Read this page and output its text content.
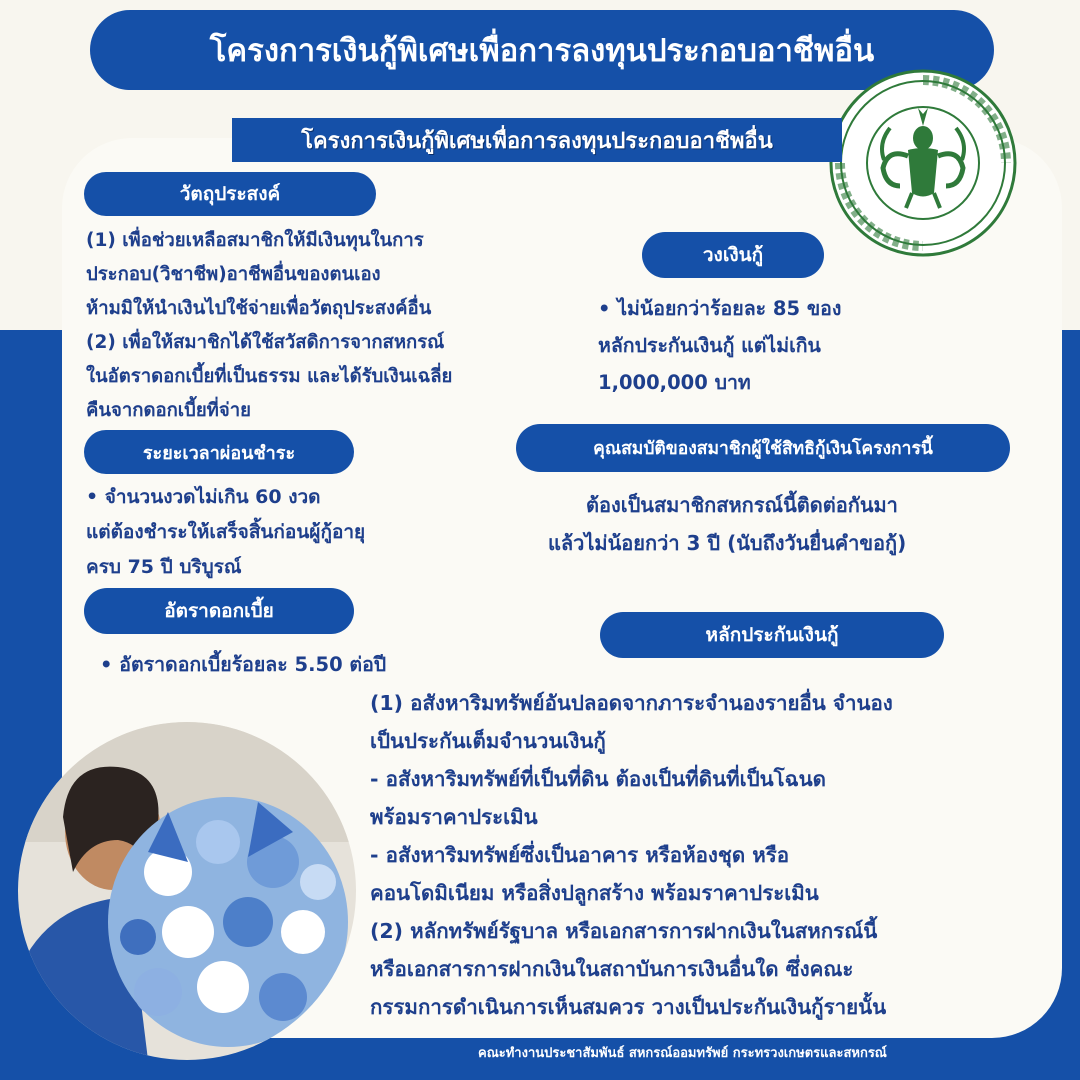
โครงการเงินกู้พิเศษเพื่อการลงทุนประกอบอาชีพอื่น
โครงการเงินกู้พิเศษเพื่อการลงทุนประกอบอาชีพอื่น
วัตถุประสงค์
(1) เพื่อช่วยเหลือสมาชิกให้มีเงินทุนในการ
ประกอบ(วิชาชีพ)อาชีพอื่นของตนเอง
ห้ามมิให้นำเงินไปใช้จ่ายเพื่อวัตถุประสงค์อื่น
(2) เพื่อให้สมาชิกได้ใช้สวัสดิการจากสหกรณ์
ในอัตราดอกเบี้ยที่เป็นธรรม และได้รับเงินเฉลี่ย
คืนจากดอกเบี้ยที่จ่าย
วงเงินกู้
• ไม่น้อยกว่าร้อยละ 85 ของ
หลักประกันเงินกู้ แต่ไม่เกิน
1,000,000 บาท
ระยะเวลาผ่อนชำระ
• จำนวนงวดไม่เกิน 60 งวด
แต่ต้องชำระให้เสร็จสิ้นก่อนผู้กู้อายุ
ครบ 75 ปี บริบูรณ์
คุณสมบัติของสมาชิกผู้ใช้สิทธิกู้เงินโครงการนี้
ต้องเป็นสมาชิกสหกรณ์นี้ติดต่อกันมา
แล้วไม่น้อยกว่า 3 ปี (นับถึงวันยื่นคำขอกู้)
อัตราดอกเบี้ย
• อัตราดอกเบี้ยร้อยละ 5.50 ต่อปี
หลักประกันเงินกู้
(1) อสังหาริมทรัพย์อันปลอดจากภาระจำนองรายอื่น จำนอง
เป็นประกันเต็มจำนวนเงินกู้
- อสังหาริมทรัพย์ที่เป็นที่ดิน ต้องเป็นที่ดินที่เป็นโฉนด
พร้อมราคาประเมิน
- อสังหาริมทรัพย์ซึ่งเป็นอาคาร หรือห้องชุด หรือ
คอนโดมิเนียม หรือสิ่งปลูกสร้าง พร้อมราคาประเมิน
(2) หลักทรัพย์รัฐบาล หรือเอกสารการฝากเงินในสหกรณ์นี้
หรือเอกสารการฝากเงินในสถาบันการเงินอื่นใด ซึ่งคณะ
กรรมการดำเนินการเห็นสมควร วางเป็นประกันเงินกู้รายนั้น
คณะทำงานประชาสัมพันธ์ สหกรณ์ออมทรัพย์ กระทรวงเกษตรและสหกรณ์
